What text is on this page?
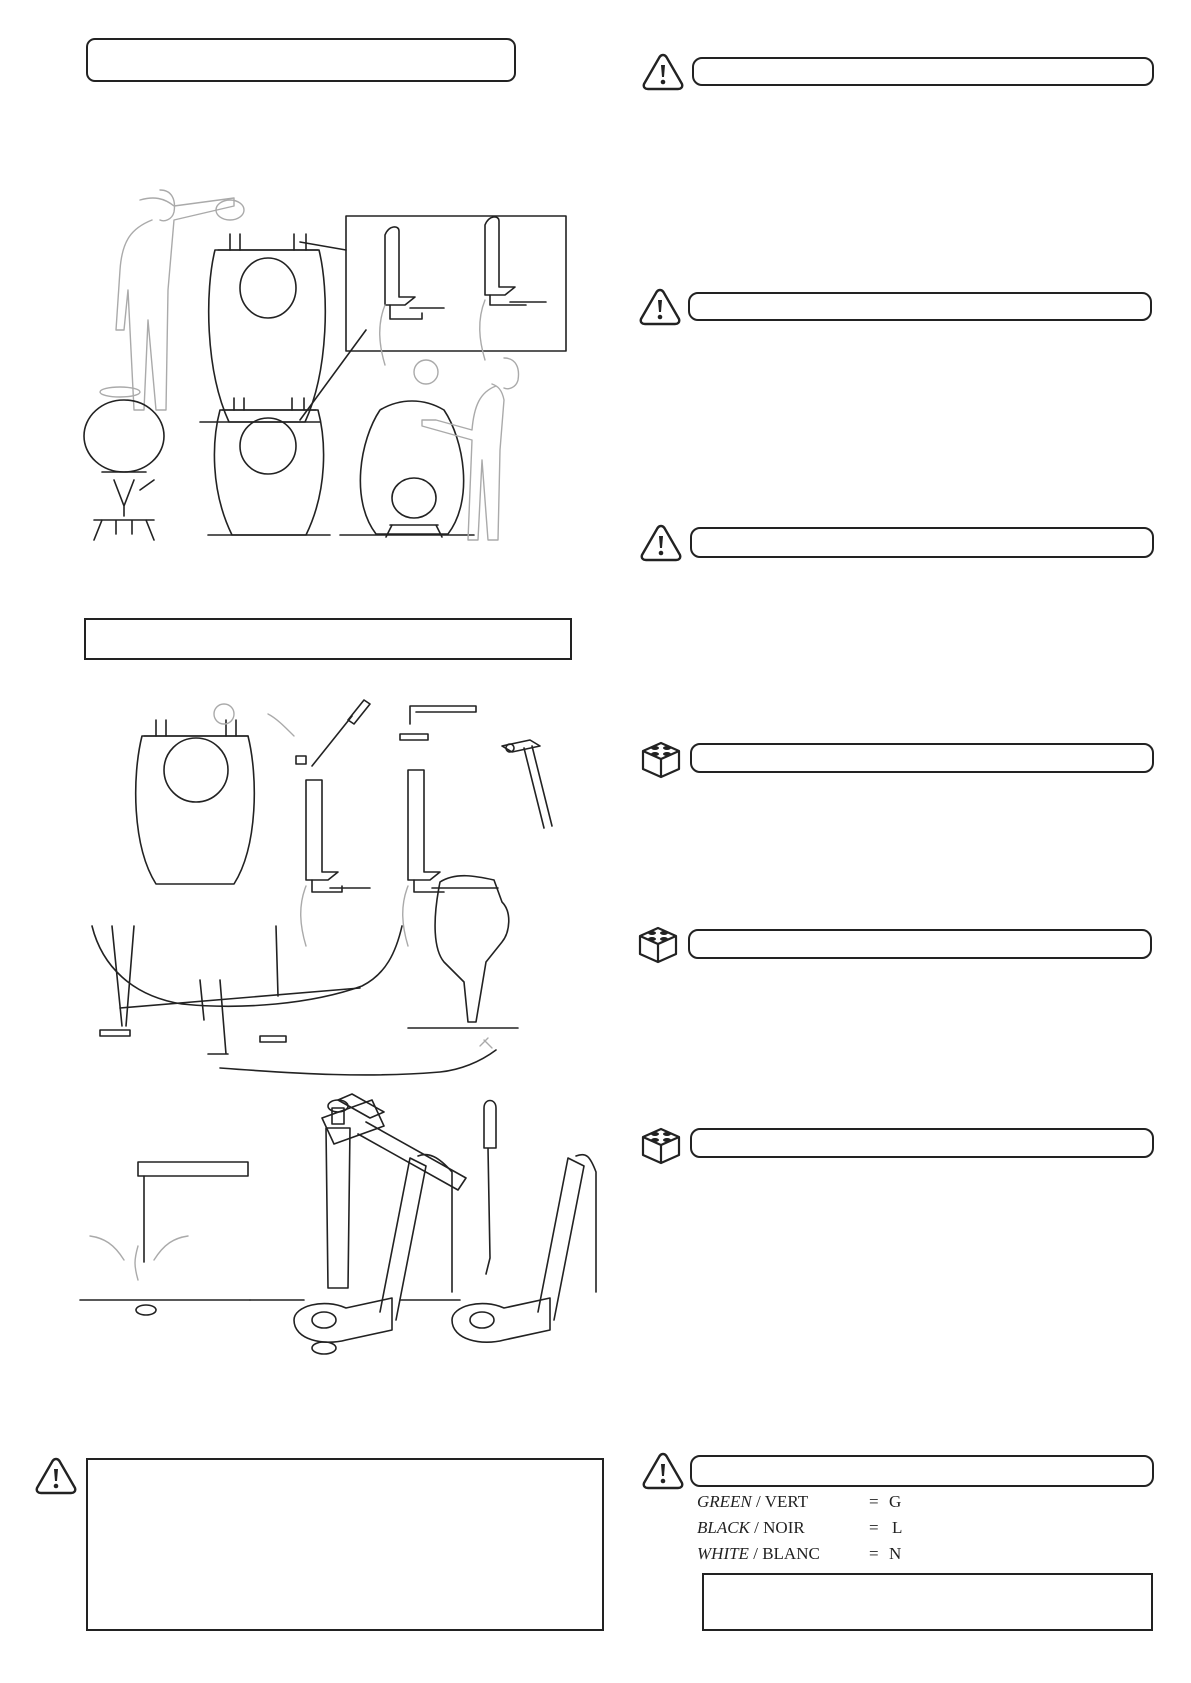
GREEN / VERT	= G
BLACK / NOIR	= L
WHITE / BLANC	= N
